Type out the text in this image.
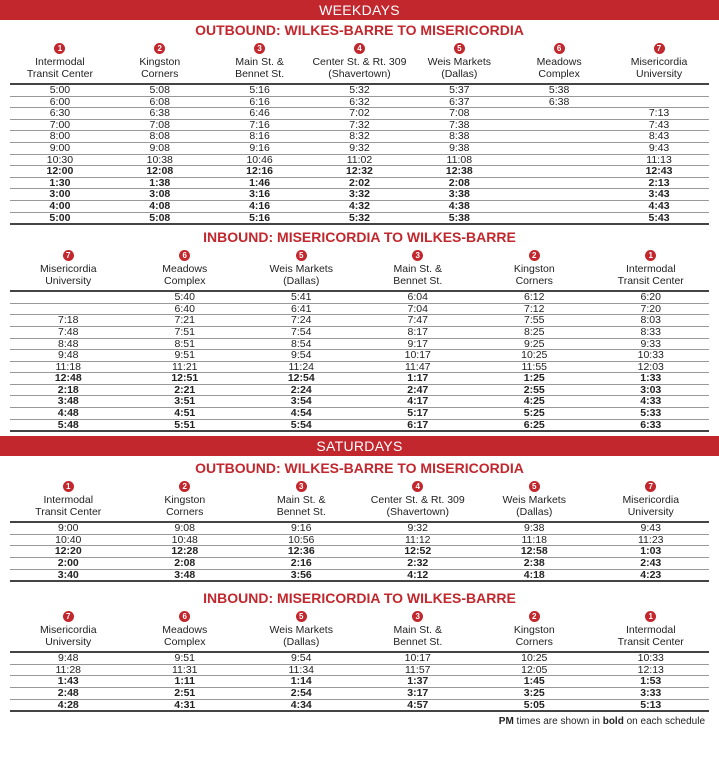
WEEKDAYS
OUTBOUND: WILKES-BARRE TO MISERICORDIA
1
Intermodal
Transit Center	2
Kingston
Corners	3
Main St. &
Bennet St.	4
Center St. & Rt. 309
(Shavertown)	5
Weis Markets
(Dallas)	6
Meadows
Complex	7
Misericordia
University

5:00	5:08	5:16	5:32	5:37	5:38	
6:00	6:08	6:16	6:32	6:37	6:38	
6:30	6:38	6:46	7:02	7:08		7:13
7:00	7:08	7:16	7:32	7:38		7:43
8:00	8:08	8:16	8:32	8:38		8:43
9:00	9:08	9:16	9:32	9:38		9:43
10:30	10:38	10:46	11:02	11:08		11:13
12:00	12:08	12:16	12:32	12:38		12:43
1:30	1:38	1:46	2:02	2:08		2:13
3:00	3:08	3:16	3:32	3:38		3:43
4:00	4:08	4:16	4:32	4:38		4:43
5:00	5:08	5:16	5:32	5:38		5:43
INBOUND: MISERICORDIA TO WILKES-BARRE
7
Misericordia
University	6
Meadows
Complex	5
Weis Markets
(Dallas)	3
Main St. &
Bennet St.	2
Kingston
Corners	1
Intermodal
Transit Center

	5:40	5:41	6:04	6:12	6:20
	6:40	6:41	7:04	7:12	7:20
7:18	7:21	7:24	7:47	7:55	8:03
7:48	7:51	7:54	8:17	8:25	8:33
8:48	8:51	8:54	9:17	9:25	9:33
9:48	9:51	9:54	10:17	10:25	10:33
11:18	11:21	11:24	11:47	11:55	12:03
12:48	12:51	12:54	1:17	1:25	1:33
2:18	2:21	2:24	2:47	2:55	3:03
3:48	3:51	3:54	4:17	4:25	4:33
4:48	4:51	4:54	5:17	5:25	5:33
5:48	5:51	5:54	6:17	6:25	6:33
SATURDAYS
OUTBOUND: WILKES-BARRE TO MISERICORDIA
1
Intermodal
Transit Center	2
Kingston
Corners	3
Main St. &
Bennet St.	4
Center St. & Rt. 309
(Shavertown)	5
Weis Markets
(Dallas)	7
Misericordia
University

9:00	9:08	9:16	9:32	9:38	9:43
10:40	10:48	10:56	11:12	11:18	11:23
12:20	12:28	12:36	12:52	12:58	1:03
2:00	2:08	2:16	2:32	2:38	2:43
3:40	3:48	3:56	4:12	4:18	4:23
INBOUND: MISERICORDIA TO WILKES-BARRE
7
Misericordia
University	6
Meadows
Complex	5
Weis Markets
(Dallas)	3
Main St. &
Bennet St.	2
Kingston
Corners	1
Intermodal
Transit Center

9:48	9:51	9:54	10:17	10:25	10:33
11:28	11:31	11:34	11:57	12:05	12:13
1:43	1:11	1:14	1:37	1:45	1:53
2:48	2:51	2:54	3:17	3:25	3:33
4:28	4:31	4:34	4:57	5:05	5:13
PM times are shown in bold on each schedule
